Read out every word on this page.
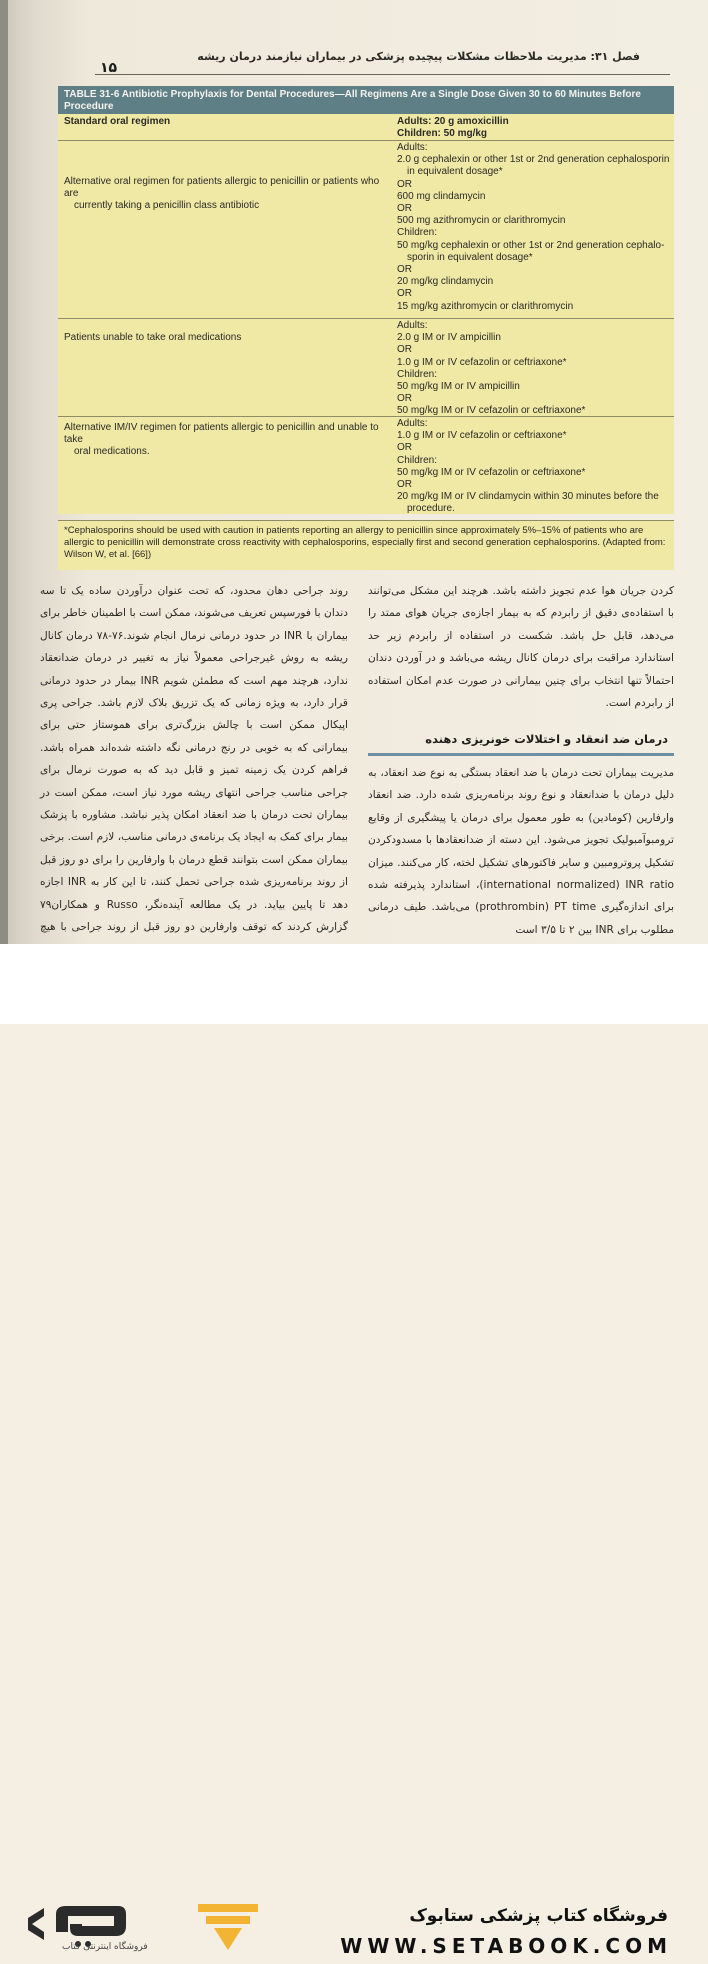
فصل ۳۱: مدیریت ملاحظات مشکلات پیچیده پزشکی در بیماران نیازمند درمان ریشه
۱۵
TABLE 31-6 Antibiotic Prophylaxis for Dental Procedures—All Regimens Are a Single Dose Given 30 to 60 Minutes Before
Procedure
Standard oral regimen	Adults: 20 g amoxicillin
Children: 50 mg/kg
Alternative oral regimen for patients allergic to penicillin or patients who are
currently taking a penicillin class antibiotic
Adults:
2.0 g cephalexin or other 1st or 2nd generation cephalosporin
in equivalent dosage*
OR
600 mg clindamycin
OR
500 mg azithromycin or clarithromycin
Children:
50 mg/kg cephalexin or other 1st or 2nd generation cephalo-
sporin in equivalent dosage*
OR
20 mg/kg clindamycin
OR
15 mg/kg azithromycin or clarithromycin
Patients unable to take oral medications
Adults:
2.0 g IM or IV ampicillin
OR
1.0 g IM or IV cefazolin or ceftriaxone*
Children:
50 mg/kg IM or IV ampicillin
OR
50 mg/kg IM or IV cefazolin or ceftriaxone*
Alternative IM/IV regimen for patients allergic to penicillin and unable to take
oral medications.
Adults:
1.0 g IM or IV cefazolin or ceftriaxone*
OR
Children:
50 mg/kg IM or IV cefazolin or ceftriaxone*
OR
20 mg/kg IM or IV clindamycin within 30 minutes before the
procedure.
*Cephalosporins should be used with caution in patients reporting an allergy to penicillin since approximately 5%–15% of patients who are allergic to penicillin will demonstrate cross reactivity with cephalosporins, especially first and second generation cephalosporins. (Adapted from: Wilson W, et al. [66])

کردن جریان هوا عدم تجویز داشته باشد. هرچند این مشکل می‌توانند با استفاده‌ی دقیق از رابردم که به بیمار اجازه‌ی جریان هوای ممتد را می‌دهد، قابل حل باشد. شکست در استفاده از رابردم زیر حد استاندارد مراقبت برای درمان کانال ریشه می‌باشد و در آوردن دندان احتمالاً تنها انتخاب برای چنین بیمارانی در صورت عدم امکان استفاده از رابردم است.

درمان ضد انعقاد و اختلالات خونریزی دهنده

مدیریت بیماران تحت درمان با ضد انعقاد بستگی به نوع ضد انعقاد، به دلیل درمان با ضدانعقاد و نوع روند برنامه‌ریزی شده دارد. ضد انعقاد وارفارین (کومادین) به طور معمول برای درمان یا پیشگیری از وقایع ترومبوآمبولیک تجویز می‌شود. این دسته از ضدانعقادها با مسدودکردن تشکیل پروترومبین و سایر فاکتورهای تشکیل لخته، کار می‌کنند. میزان international normalized) INR ratio)، استاندارد پذیرفته شده برای اندازه‌گیری prothrombin) PT time) می‌باشد. طیف درمانی مطلوب برای INR بین ۲ تا ۳/۵ است

روند جراحی دهان محدود، که تحت عنوان درآوردن ساده یک تا سه دندان با فورسپس تعریف می‌شوند، ممکن است با اطمینان خاطر برای بیماران با INR در حدود درمانی نرمال انجام شوند.۷۶-۷۸ درمان کانال ریشه به روش غیرجراحی معمولاً نیاز به تغییر در درمان ضدانعقاد ندارد، هرچند مهم است که مطمئن شویم INR بیمار در حدود درمانی قرار دارد، به ویژه زمانی که یک تزریق بلاک لازم باشد. جراحی پری اپیکال ممکن است با چالش بزرگ‌تری برای هموستاز حتی برای بیمارانی که به خوبی در رنج درمانی نگه داشته شده‌اند همراه باشد. فراهم کردن یک زمینه تمیز و قابل دید که به صورت نرمال برای جراحی مناسب جراحی انتهای ریشه مورد نیاز است، ممکن است در بیماران تحت درمان با ضد انعقاد امکان پذیر نباشد. مشاوره با پزشک بیمار برای کمک به ایجاد یک برنامه‌ی درمانی مناسب، لازم است. برخی بیماران ممکن است بتوانند قطع درمان با وارفارین را برای دو روز قبل از روند برنامه‌ریزی شده جراحی تحمل کنند، تا این کار به INR اجازه دهد تا پایین بیاید. در یک مطالعه آینده‌نگر، Russo و همکاران۷۹ گزارش کردند که توقف وارفارین دو روز قبل از روند جراحی با هیچ

فروشگاه اینترنتی کتاب
فروشگاه کتاب پزشکی ستابوک
WWW.SETABOOK.COM
